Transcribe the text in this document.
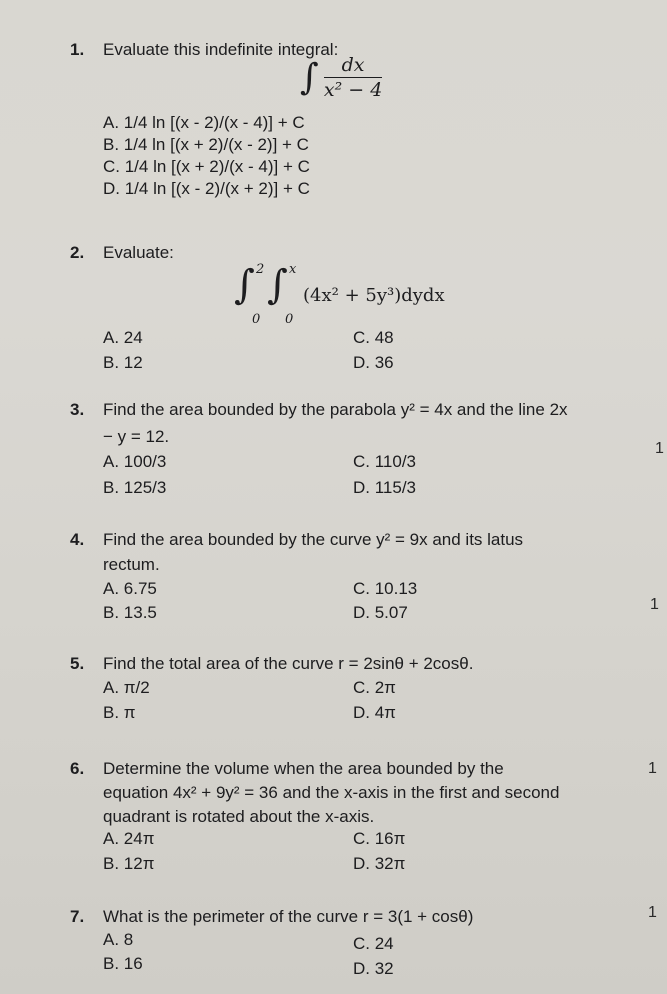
1. Evaluate this indefinite integral:
∫ $\frac{dx}{\text{x² − 4}}$
A. 1/4 ln [(x - 2)/(x - 4)] + C
B. 1/4 ln [(x + 2)/(x - 2)] + C
C. 1/4 ln [(x + 2)/(x - 4)] + C
D. 1/4 ln [(x - 2)/(x + 2)] + C
2. Evaluate:
∫ 2
0
∫ x
0
(4x² + 5y³)dydx
A. 24	C. 48
B. 12	D. 36
3. Find the area bounded by the parabola y² = 4x and the line 2x
− y = 12.
A. 100/3	C. 110/3
B. 125/3	D. 115/3
4. Find the area bounded by the curve y² = 9x and its latus
rectum.
A. 6.75	C. 10.13
B. 13.5	D. 5.07
5. Find the total area of the curve r = 2sinθ + 2cosθ.
A. π/2	C. 2π
B. π	D. 4π
6. Determine the volume when the area bounded by the
equation 4x² + 9y² = 36 and the x-axis in the first and second
quadrant is rotated about the x-axis.
A. 24π	C. 16π
B. 12π	D. 32π
7. What is the perimeter of the curve r = 3(1 + cosθ)
A. 8	C. 24
B. 16	D. 32
1
1
1
1
